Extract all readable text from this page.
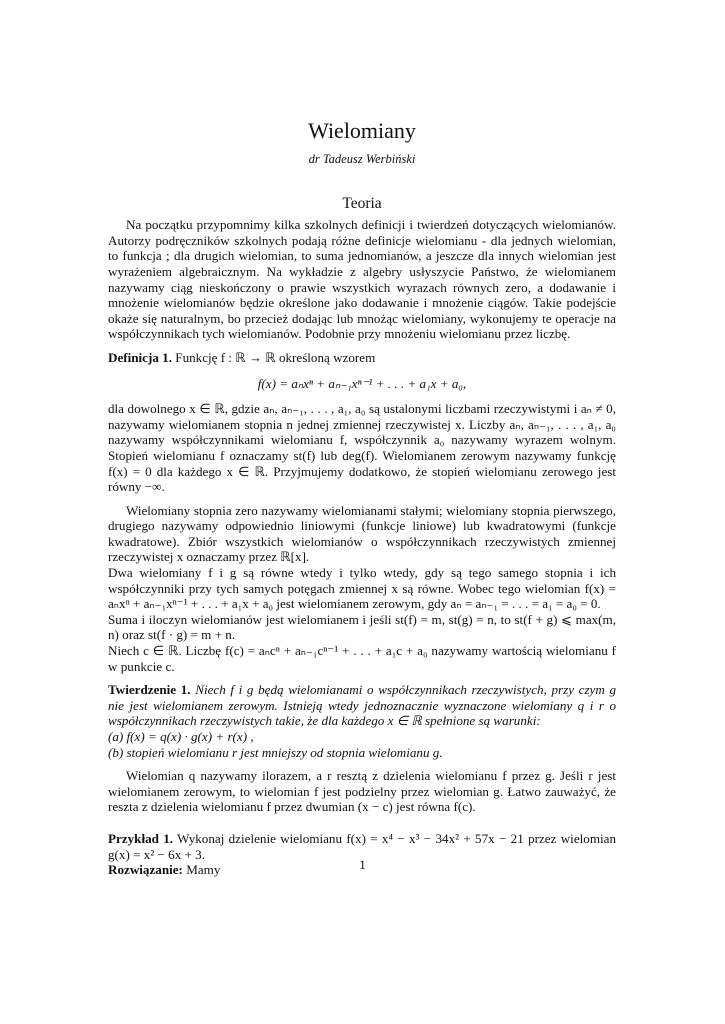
Wielomiany
dr Tadeusz Werbiński
Teoria

Na początku przypomnimy kilka szkolnych definicji i twierdzeń dotyczących wielomianów. Autorzy podręczników szkolnych podają różne definicje wielomianu - dla jednych wielomian, to funkcja ; dla drugich wielomian, to suma jednomianów, a jeszcze dla innych wielomian jest wyrażeniem algebraicznym. Na wykładzie z algebry usłyszycie Państwo, że wielomianem nazywamy ciąg nieskończony o prawie wszystkich wyrazach równych zero, a dodawanie i mnożenie wielomianów będzie określone jako dodawanie i mnożenie ciągów. Takie podejście okaże się naturalnym, bo przecież dodając lub mnożąc wielomiany, wykonujemy te operacje na współczynnikach tych wielomianów. Podobnie przy mnożeniu wielomianu przez liczbę.

Definicja 1. Funkcję f : ℝ → ℝ określoną wzorem

f(x) = aₙxⁿ + aₙ₋₁xⁿ⁻¹ + . . . + a₁x + a₀,

dla dowolnego x ∈ ℝ, gdzie aₙ, aₙ₋₁, . . . , a₁, a₀ są ustalonymi liczbami rzeczywistymi i aₙ ≠ 0, nazywamy wielomianem stopnia n jednej zmiennej rzeczywistej x. Liczby aₙ, aₙ₋₁, . . . , a₁, a₀ nazywamy współczynnikami wielomianu f, współczynnik a₀ nazywamy wyrazem wolnym. Stopień wielomianu f oznaczamy st(f) lub deg(f). Wielomianem zerowym nazywamy funkcję f(x) = 0 dla każdego x ∈ ℝ. Przyjmujemy dodatkowo, że stopień wielomianu zerowego jest równy −∞.

Wielomiany stopnia zero nazywamy wielomianami stałymi; wielomiany stopnia pierwszego, drugiego nazywamy odpowiednio liniowymi (funkcje liniowe) lub kwadratowymi (funkcje kwadratowe). Zbiór wszystkich wielomianów o współczynnikach rzeczywistych zmiennej rzeczywistej x oznaczamy przez ℝ[x].

Dwa wielomiany f i g są równe wtedy i tylko wtedy, gdy są tego samego stopnia i ich współczynniki przy tych samych potęgach zmiennej x są równe. Wobec tego wielomian f(x) = aₙxⁿ + aₙ₋₁xⁿ⁻¹ + . . . + a₁x + a₀ jest wielomianem zerowym, gdy aₙ = aₙ₋₁ = . . . = a₁ = a₀ = 0.

Suma i iloczyn wielomianów jest wielomianem i jeśli st(f) = m, st(g) = n, to st(f + g) ⩽ max(m, n) oraz st(f · g) = m + n.

Niech c ∈ ℝ. Liczbę f(c) = aₙcⁿ + aₙ₋₁cⁿ⁻¹ + . . . + a₁c + a₀ nazywamy wartością wielomianu f w punkcie c.

Twierdzenie 1. Niech f i g będą wielomianami o współczynnikach rzeczywistych, przy czym g nie jest wielomianem zerowym. Istnieją wtedy jednoznacznie wyznaczone wielomiany q i r o współczynnikach rzeczywistych takie, że dla każdego x ∈ ℝ spełnione są warunki:

(a) f(x) = q(x) · g(x) + r(x) ,

(b) stopień wielomianu r jest mniejszy od stopnia wielomianu g.

Wielomian q nazywamy ilorazem, a r resztą z dzielenia wielomianu f przez g. Jeśli r jest wielomianem zerowym, to wielomian f jest podzielny przez wielomian g. Łatwo zauważyć, że reszta z dzielenia wielomianu f przez dwumian (x − c) jest równa f(c).

Przykład 1. Wykonaj dzielenie wielomianu f(x) = x⁴ − x³ − 34x² + 57x − 21 przez wielomian g(x) = x² − 6x + 3.

Rozwiązanie: Mamy	1
